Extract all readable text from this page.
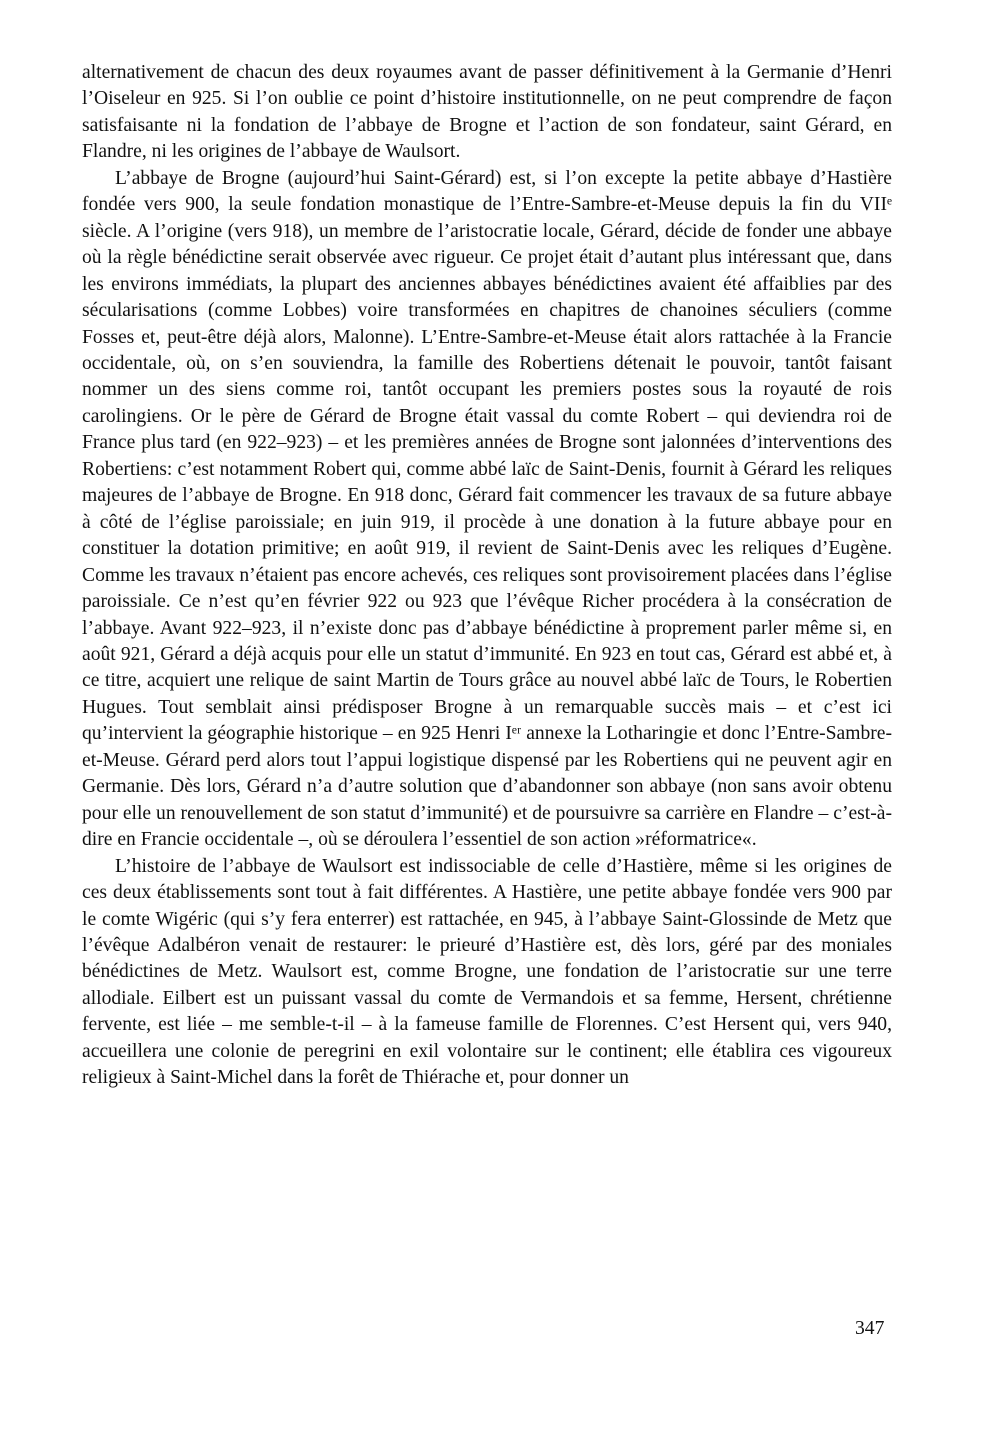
alternativement de chacun des deux royaumes avant de passer définitivement à la Germanie d’Henri l’Oiseleur en 925. Si l’on oublie ce point d’histoire institutionnelle, on ne peut comprendre de façon satisfaisante ni la fondation de l’abbaye de Brogne et l’action de son fondateur, saint Gérard, en Flandre, ni les origines de l’abbaye de Waulsort.

L’abbaye de Brogne (aujourd’hui Saint-Gérard) est, si l’on excepte la petite abbaye d’Hastière fondée vers 900, la seule fondation monastique de l’Entre-Sambre-et-Meuse depuis la fin du VIIᵉ siècle. A l’origine (vers 918), un membre de l’aristocratie locale, Gérard, décide de fonder une abbaye où la règle bénédictine serait observée avec rigueur. Ce projet était d’autant plus intéressant que, dans les environs immédiats, la plupart des anciennes abbayes bénédictines avaient été affaiblies par des sécularisations (comme Lobbes) voire transformées en chapitres de chanoines séculiers (comme Fosses et, peut-être déjà alors, Malonne). L’Entre-Sambre-et-Meuse était alors rattachée à la Francie occidentale, où, on s’en souviendra, la famille des Robertiens détenait le pouvoir, tantôt faisant nommer un des siens comme roi, tantôt occupant les premiers postes sous la royauté de rois carolingiens. Or le père de Gérard de Brogne était vassal du comte Robert – qui deviendra roi de France plus tard (en 922–923) – et les premières années de Brogne sont jalonnées d’interventions des Robertiens: c’est notamment Robert qui, comme abbé laïc de Saint-Denis, fournit à Gérard les reliques majeures de l’abbaye de Brogne. En 918 donc, Gérard fait commencer les travaux de sa future abbaye à côté de l’église paroissiale; en juin 919, il procède à une donation à la future abbaye pour en constituer la dotation primitive; en août 919, il revient de Saint-Denis avec les reliques d’Eugène. Comme les travaux n’étaient pas encore achevés, ces reliques sont provisoirement placées dans l’église paroissiale. Ce n’est qu’en février 922 ou 923 que l’évêque Richer procédera à la consécration de l’abbaye. Avant 922–923, il n’existe donc pas d’abbaye bénédictine à proprement parler même si, en août 921, Gérard a déjà acquis pour elle un statut d’immunité. En 923 en tout cas, Gérard est abbé et, à ce titre, acquiert une relique de saint Martin de Tours grâce au nouvel abbé laïc de Tours, le Robertien Hugues. Tout semblait ainsi prédisposer Brogne à un remarquable succès mais – et c’est ici qu’intervient la géographie historique – en 925 Henri Iᵉʳ annexe la Lotharingie et donc l’Entre-Sambre-et-Meuse. Gérard perd alors tout l’appui logistique dispensé par les Robertiens qui ne peuvent agir en Germanie. Dès lors, Gérard n’a d’autre solution que d’abandonner son abbaye (non sans avoir obtenu pour elle un renouvellement de son statut d’immunité) et de poursuivre sa carrière en Flandre – c’est-à-dire en Francie occidentale –, où se déroulera l’essentiel de son action »réformatrice«.

L’histoire de l’abbaye de Waulsort est indissociable de celle d’Hastière, même si les origines de ces deux établissements sont tout à fait différentes. A Hastière, une petite abbaye fondée vers 900 par le comte Wigéric (qui s’y fera enterrer) est rattachée, en 945, à l’abbaye Saint-Glossinde de Metz que l’évêque Adalbéron venait de restaurer: le prieuré d’Hastière est, dès lors, géré par des moniales bénédictines de Metz. Waulsort est, comme Brogne, une fondation de l’aristocratie sur une terre allodiale. Eilbert est un puissant vassal du comte de Vermandois et sa femme, Hersent, chrétienne fervente, est liée – me semble-t-il – à la fameuse famille de Florennes. C’est Hersent qui, vers 940, accueillera une colonie de peregrini en exil volontaire sur le continent; elle établira ces vigoureux religieux à Saint-Michel dans la forêt de Thiérache et, pour donner un

347
